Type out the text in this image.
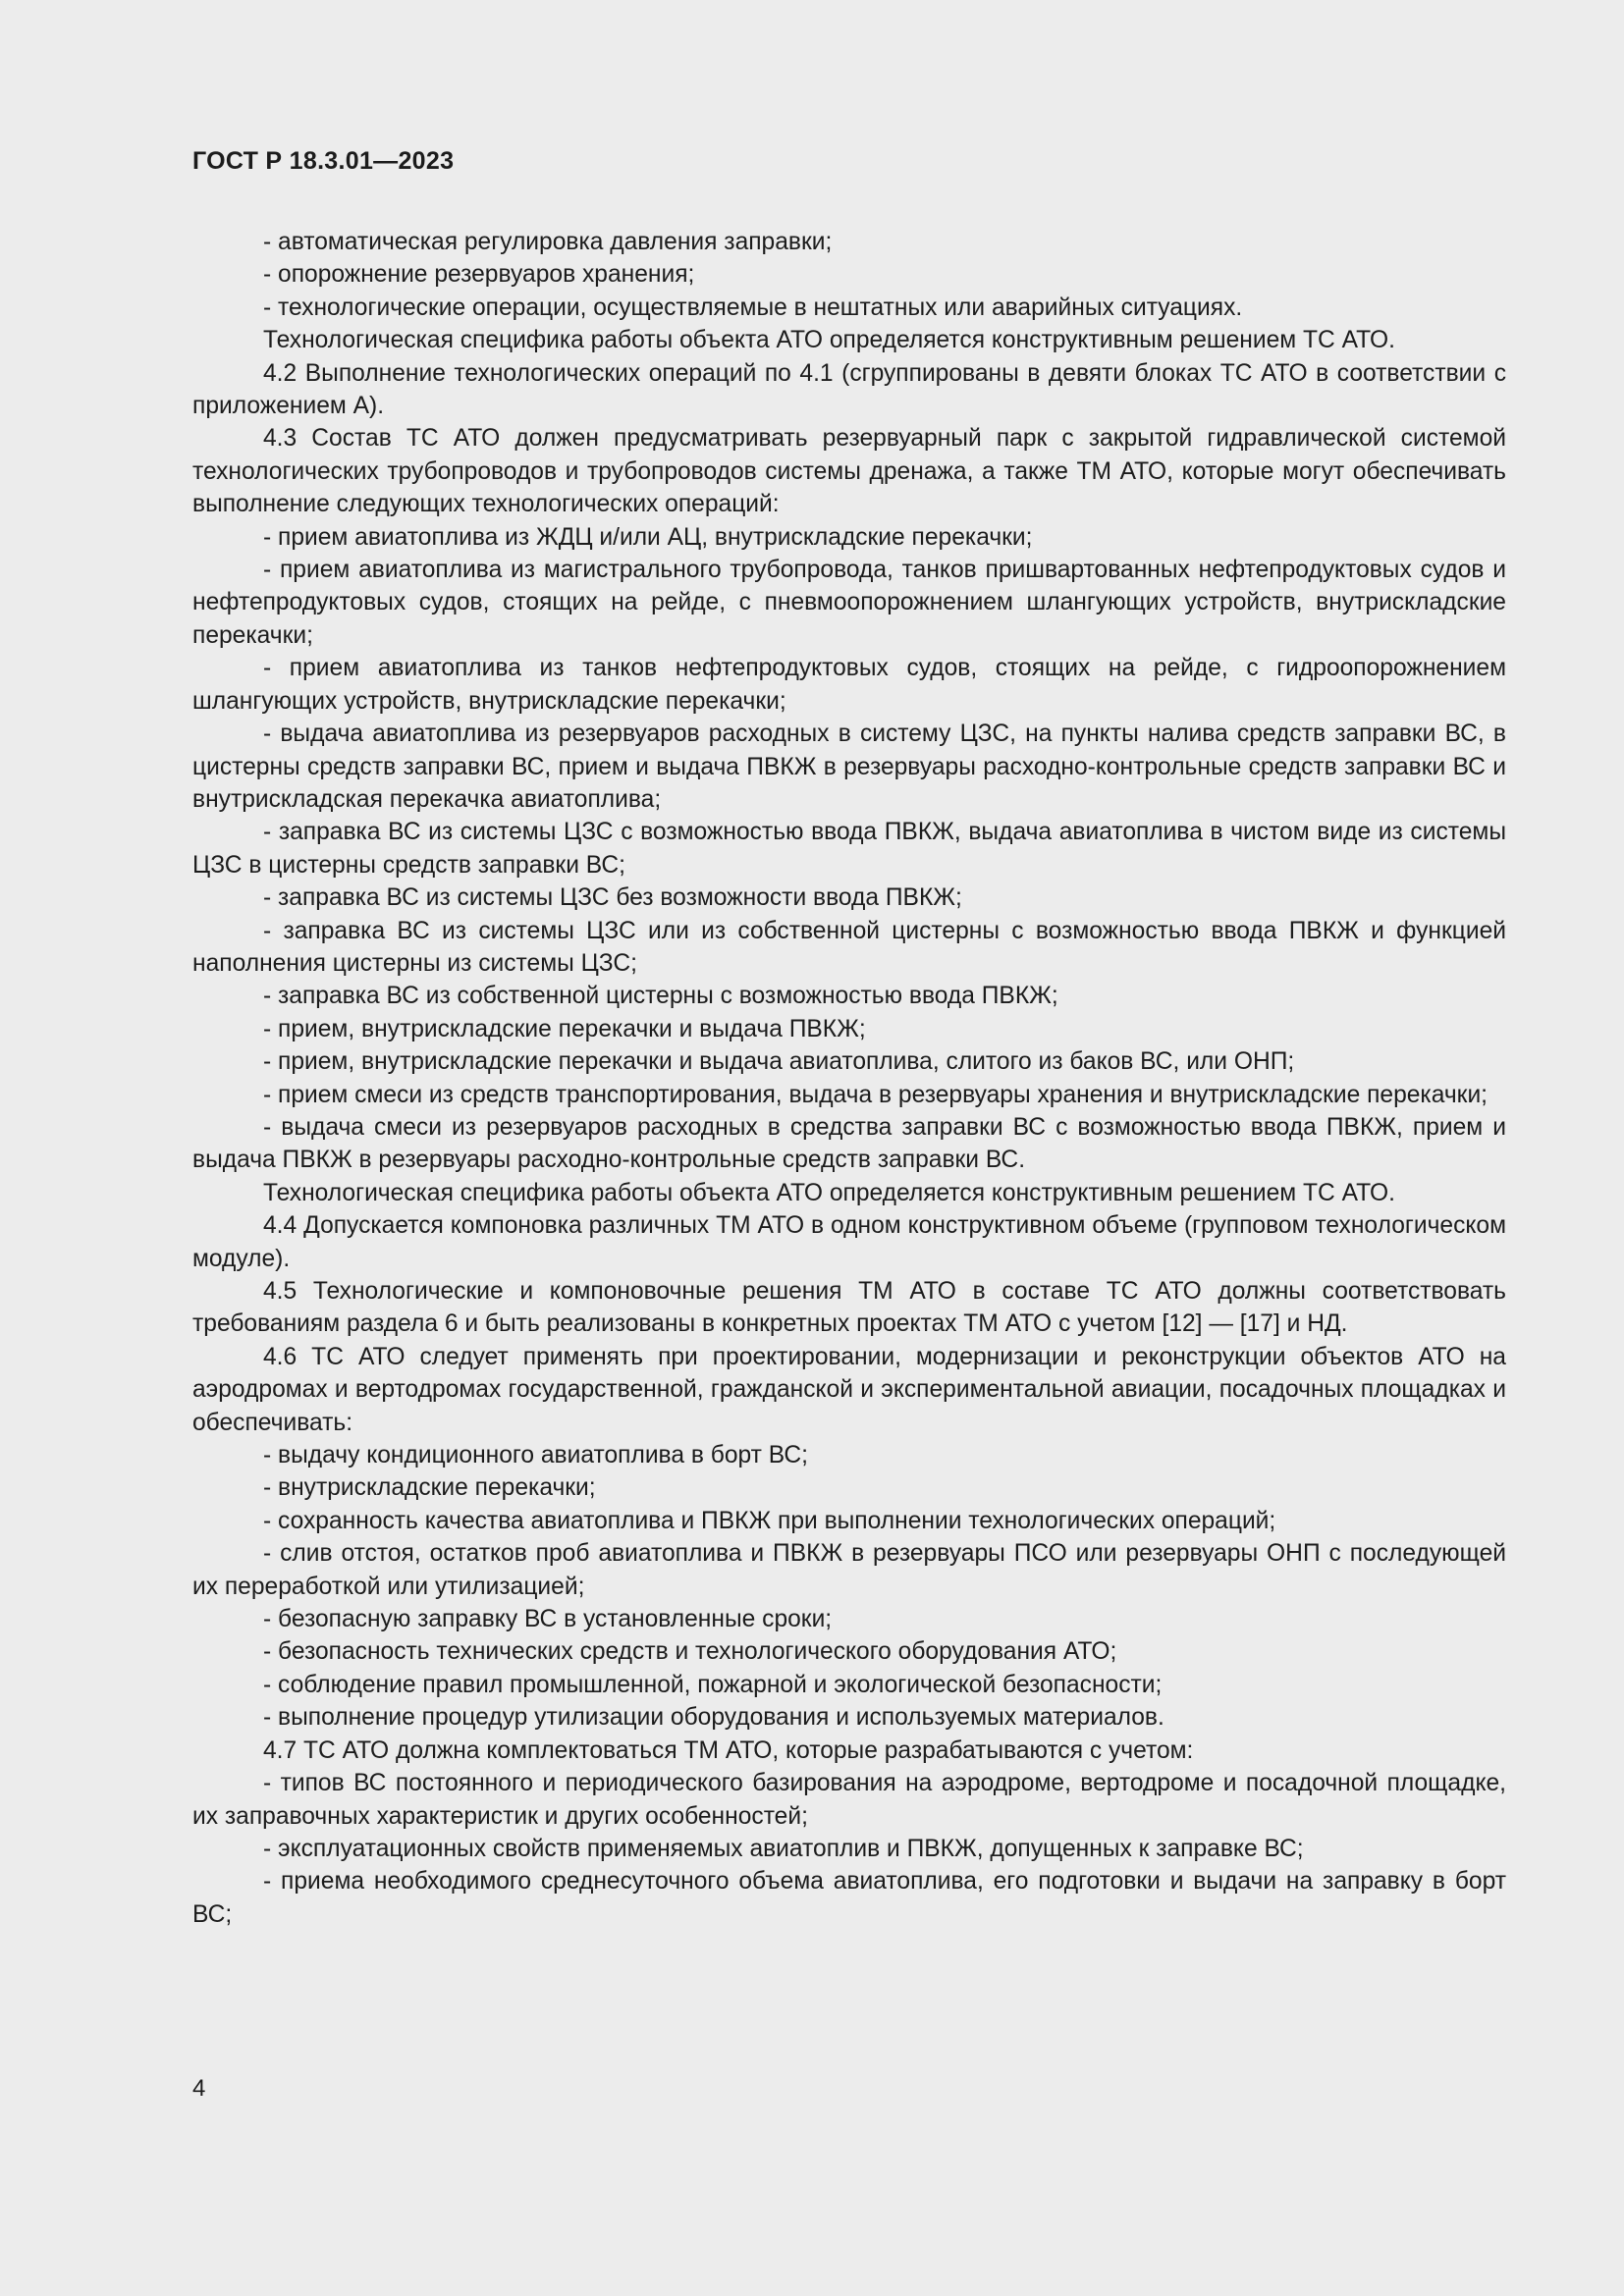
ГОСТ Р 18.3.01—2023

- автоматическая регулировка давления заправки;

- опорожнение резервуаров хранения;

- технологические операции, осуществляемые в нештатных или аварийных ситуациях.

Технологическая специфика работы объекта АТО определяется конструктивным решением ТС АТО.

4.2 Выполнение технологических операций по 4.1 (сгруппированы в девяти блоках ТС АТО в соответствии с приложением А).

4.3 Состав ТС АТО должен предусматривать резервуарный парк с закрытой гидравлической системой технологических трубопроводов и трубопроводов системы дренажа, а также ТМ АТО, которые могут обеспечивать выполнение следующих технологических операций:

- прием авиатоплива из ЖДЦ и/или АЦ, внутрискладские перекачки;

- прием авиатоплива из магистрального трубопровода, танков пришвартованных нефтепродуктовых судов и нефтепродуктовых судов, стоящих на рейде, с пневмоопорожнением шлангующих устройств, внутрискладские перекачки;

- прием авиатоплива из танков нефтепродуктовых судов, стоящих на рейде, с гидроопорожнением шлангующих устройств, внутрискладские перекачки;

- выдача авиатоплива из резервуаров расходных в систему ЦЗС, на пункты налива средств заправки ВС, в цистерны средств заправки ВС, прием и выдача ПВКЖ в резервуары расходно-контрольные средств заправки ВС и внутрискладская перекачка авиатоплива;

- заправка ВС из системы ЦЗС с возможностью ввода ПВКЖ, выдача авиатоплива в чистом виде из системы ЦЗС в цистерны средств заправки ВС;

- заправка ВС из системы ЦЗС без возможности ввода ПВКЖ;

- заправка ВС из системы ЦЗС или из собственной цистерны с возможностью ввода ПВКЖ и функцией наполнения цистерны из системы ЦЗС;

- заправка ВС из собственной цистерны с возможностью ввода ПВКЖ;

- прием, внутрискладские перекачки и выдача ПВКЖ;

- прием, внутрискладские перекачки и выдача авиатоплива, слитого из баков ВС, или ОНП;

- прием смеси из средств транспортирования, выдача в резервуары хранения и внутрискладские перекачки;

- выдача смеси из резервуаров расходных в средства заправки ВС с возможностью ввода ПВКЖ, прием и выдача ПВКЖ в резервуары расходно-контрольные средств заправки ВС.

Технологическая специфика работы объекта АТО определяется конструктивным решением ТС АТО.

4.4 Допускается компоновка различных ТМ АТО в одном конструктивном объеме (групповом технологическом модуле).

4.5 Технологические и компоновочные решения ТМ АТО в составе ТС АТО должны соответствовать требованиям раздела 6 и быть реализованы в конкретных проектах ТМ АТО с учетом [12] — [17] и НД.

4.6 ТС АТО следует применять при проектировании, модернизации и реконструкции объектов АТО на аэродромах и вертодромах государственной, гражданской и экспериментальной авиации, посадочных площадках и обеспечивать:

- выдачу кондиционного авиатоплива в борт ВС;

- внутрискладские перекачки;

- сохранность качества авиатоплива и ПВКЖ при выполнении технологических операций;

- слив отстоя, остатков проб авиатоплива и ПВКЖ в резервуары ПСО или резервуары ОНП с последующей их переработкой или утилизацией;

- безопасную заправку ВС в установленные сроки;

- безопасность технических средств и технологического оборудования АТО;

- соблюдение правил промышленной, пожарной и экологической безопасности;

- выполнение процедур утилизации оборудования и используемых материалов.

4.7 ТС АТО должна комплектоваться ТМ АТО, которые разрабатываются с учетом:

- типов ВС постоянного и периодического базирования на аэродроме, вертодроме и посадочной площадке, их заправочных характеристик и других особенностей;

- эксплуатационных свойств применяемых авиатоплив и ПВКЖ, допущенных к заправке ВС;

- приема необходимого среднесуточного объема авиатоплива, его подготовки и выдачи на заправку в борт ВС;

4
